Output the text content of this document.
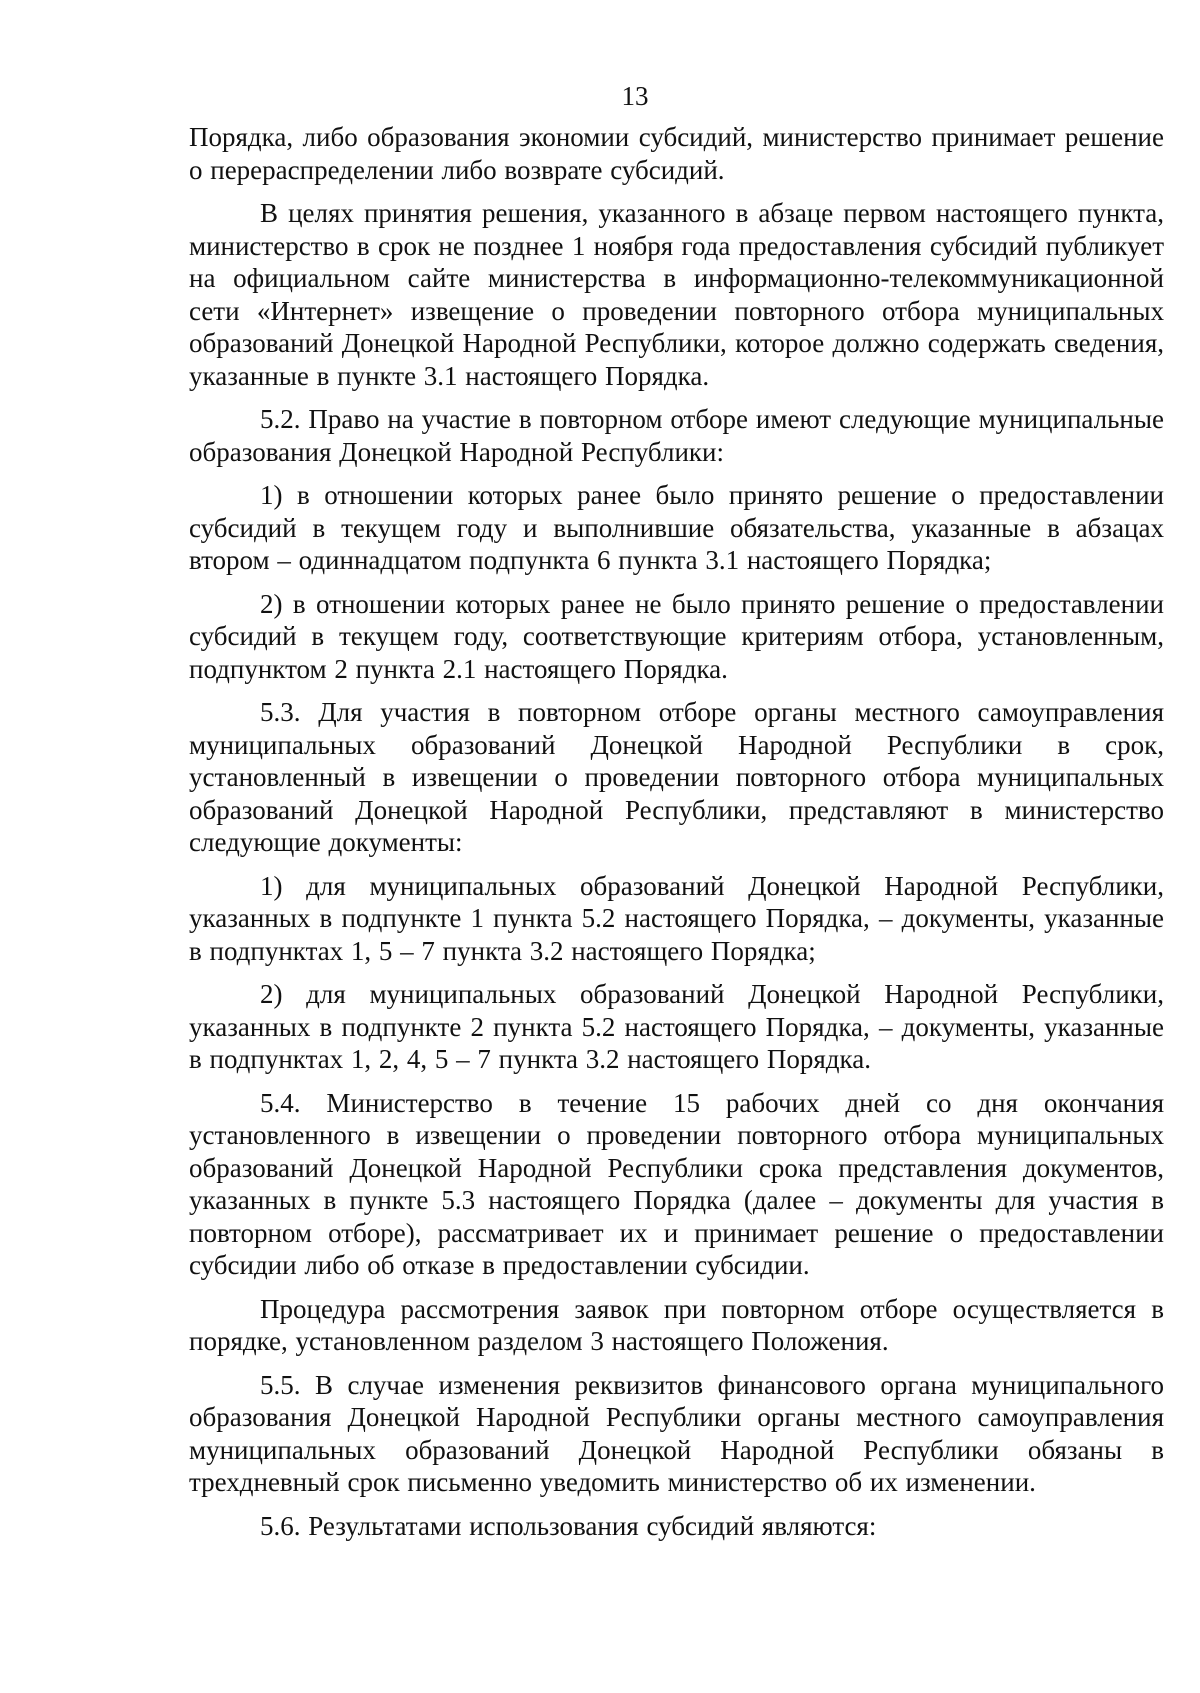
13

Порядка, либо образования экономии субсидий, министерство принимает решение о перераспределении либо возврате субсидий.

В целях принятия решения, указанного в абзаце первом настоящего пункта, министерство в срок не позднее 1 ноября года предоставления субсидий публикует на официальном сайте министерства в информационно-телекоммуникационной сети «Интернет» извещение о проведении повторного отбора муниципальных образований Донецкой Народной Республики, которое должно содержать сведения, указанные в пункте 3.1 настоящего Порядка.

5.2. Право на участие в повторном отборе имеют следующие муниципальные образования Донецкой Народной Республики:

1) в отношении которых ранее было принято решение о предоставлении субсидий в текущем году и выполнившие обязательства, указанные в абзацах втором – одиннадцатом подпункта 6 пункта 3.1 настоящего Порядка;

2) в отношении которых ранее не было принято решение о предоставлении субсидий в текущем году, соответствующие критериям отбора, установленным, подпунктом 2 пункта 2.1 настоящего Порядка.

5.3. Для участия в повторном отборе органы местного самоуправления муниципальных образований Донецкой Народной Республики в срок, установленный в извещении о проведении повторного отбора муниципальных образований Донецкой Народной Республики, представляют в министерство следующие документы:

1) для муниципальных образований Донецкой Народной Республики, указанных в подпункте 1 пункта 5.2 настоящего Порядка, – документы, указанные в подпунктах 1, 5 – 7 пункта 3.2 настоящего Порядка;

2) для муниципальных образований Донецкой Народной Республики, указанных в подпункте 2 пункта 5.2 настоящего Порядка, – документы, указанные в подпунктах 1, 2, 4, 5 – 7 пункта 3.2 настоящего Порядка.

5.4. Министерство в течение 15 рабочих дней со дня окончания установленного в извещении о проведении повторного отбора муниципальных образований Донецкой Народной Республики срока представления документов, указанных в пункте 5.3 настоящего Порядка (далее – документы для участия в повторном отборе), рассматривает их и принимает решение о предоставлении субсидии либо об отказе в предоставлении субсидии.

Процедура рассмотрения заявок при повторном отборе осуществляется в порядке, установленном разделом 3 настоящего Положения.

5.5. В случае изменения реквизитов финансового органа муниципального образования Донецкой Народной Республики органы местного самоуправления муниципальных образований Донецкой Народной Республики обязаны в трехдневный срок письменно уведомить министерство об их изменении.

5.6. Результатами использования субсидий являются:
